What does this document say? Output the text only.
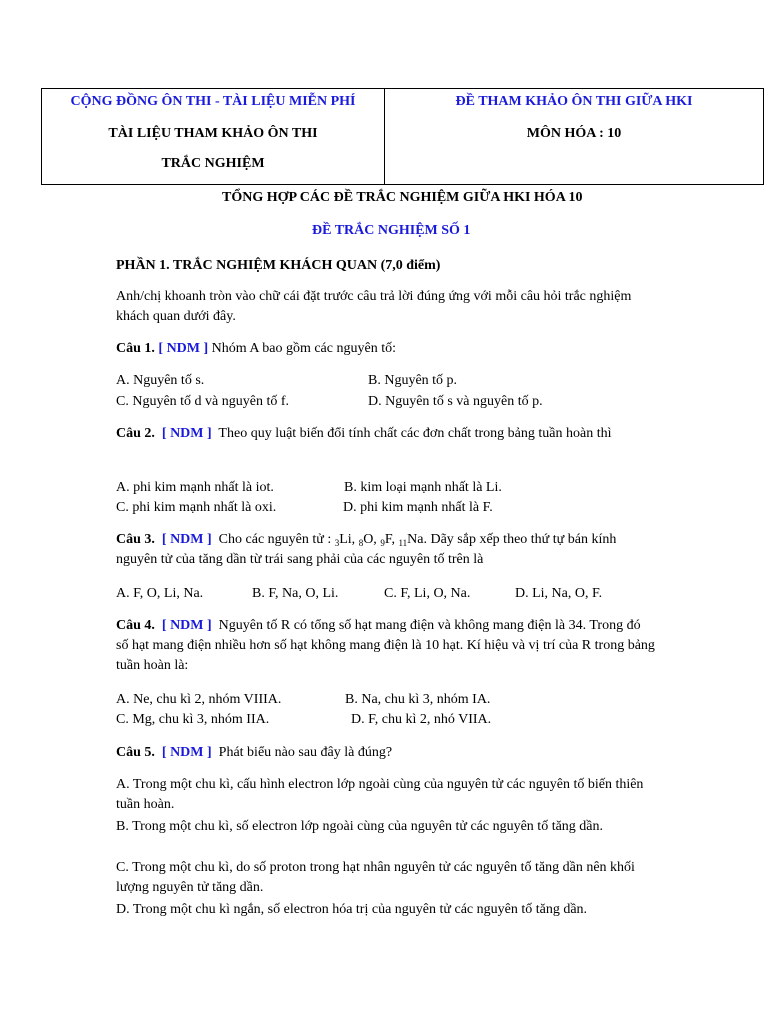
CỘNG ĐỒNG ÔN THI - TÀI LIỆU MIỄN PHÍ
TÀI LIỆU THAM KHẢO ÔN THI
TRẮC NGHIỆM
ĐỀ THAM KHẢO ÔN THI GIỮA HKI
MÔN HÓA : 10
TỔNG HỢP CÁC ĐỀ TRẮC NGHIỆM GIỮA HKI HÓA 10
ĐỀ TRẮC NGHIỆM SỐ 1
PHẦN 1. TRẮC NGHIỆM KHÁCH QUAN (7,0 điểm)
Anh/chị khoanh tròn vào chữ cái đặt trước câu trả lời đúng ứng với mỗi câu hỏi trắc nghiệm khách quan dưới đây.
Câu 1. [ NDM ] Nhóm A bao gồm các nguyên tố:
A. Nguyên tố s.	B. Nguyên tố p.
C. Nguyên tố d và nguyên tố f.	D. Nguyên tố s và nguyên tố p.
Câu 2. [ NDM ] Theo quy luật biến đổi tính chất các đơn chất trong bảng tuần hoàn thì
A. phi kim mạnh nhất là iot.	B. kim loại mạnh nhất là Li.
C. phi kim mạnh nhất là oxi.	D. phi kim mạnh nhất là F.
Câu 3. [ NDM ] Cho các nguyên tử : $_3$Li, $_8$O, $_9$F, $_{11}$Na. Dãy sắp xếp theo thứ tự bán kính nguyên tử của tăng dần từ trái sang phải của các nguyên tố trên là
A. F, O, Li, Na.	B. F, Na, O, Li.	C. F, Li, O, Na.	D. Li, Na, O, F.
Câu 4. [ NDM ] Nguyên tố R có tổng số hạt mang điện và không mang điện là 34. Trong đó số hạt mang điện nhiều hơn số hạt không mang điện là 10 hạt. Kí hiệu và vị trí của R trong bảng tuần hoàn là:
A. Ne, chu kì 2, nhóm VIIIA.	B. Na, chu kì 3, nhóm IA.
C. Mg, chu kì 3, nhóm IIA.	D. F, chu kì 2, nhó VIIA.
Câu 5. [ NDM ] Phát biểu nào sau đây là đúng?
A. Trong một chu kì, cấu hình electron lớp ngoài cùng của nguyên tử các nguyên tố biến thiên tuần hoàn.
B. Trong một chu kì, số electron lớp ngoài cùng của nguyên tử các nguyên tố tăng dần.
C. Trong một chu kì, do số proton trong hạt nhân nguyên tử các nguyên tố tăng dần nên khối lượng nguyên tử tăng dần.
D. Trong một chu kì ngắn, số electron hóa trị của nguyên tử các nguyên tố tăng dần.
